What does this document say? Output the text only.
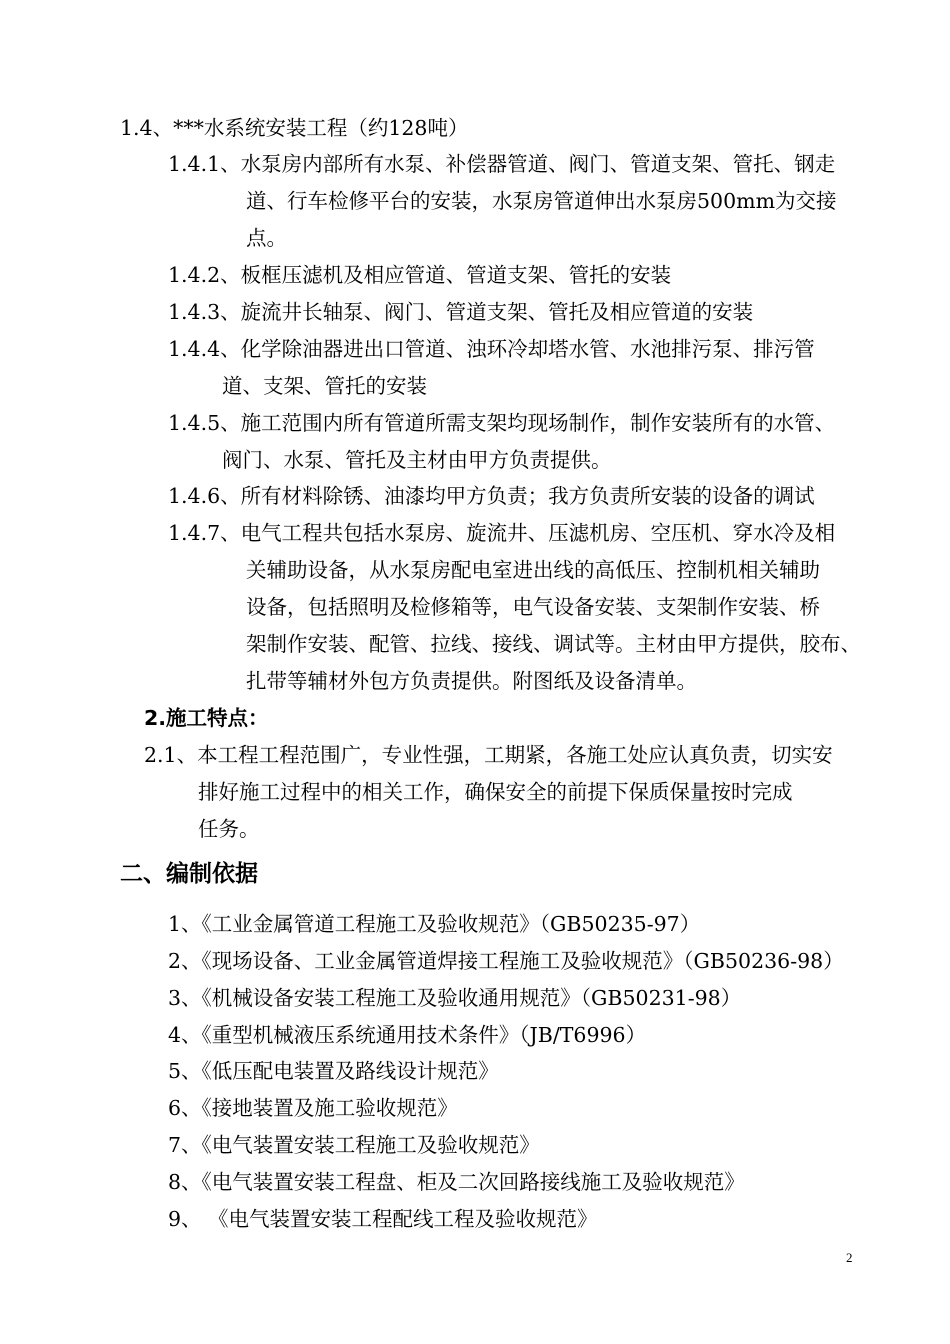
1.4、***水系统安装工程（约128吨）
1.4.1、水泵房内部所有水泵、补偿器管道、阀门、管道支架、管托、钢走
道、行车检修平台的安装，水泵房管道伸出水泵房500mm为交接
点。
1.4.2、板框压滤机及相应管道、管道支架、管托的安装
1.4.3、旋流井长轴泵、阀门、管道支架、管托及相应管道的安装
1.4.4、化学除油器进出口管道、浊环冷却塔水管、水池排污泵、排污管
道、支架、管托的安装
1.4.5、施工范围内所有管道所需支架均现场制作，制作安装所有的水管、
阀门、水泵、管托及主材由甲方负责提供。
1.4.6、所有材料除锈、油漆均甲方负责；我方负责所安装的设备的调试
1.4.7、电气工程共包括水泵房、旋流井、压滤机房、空压机、穿水冷及相
关辅助设备，从水泵房配电室进出线的高低压、控制机相关辅助
设备，包括照明及检修箱等，电气设备安装、支架制作安装、桥
架制作安装、配管、拉线、接线、调试等。主材由甲方提供，胶布、
扎带等辅材外包方负责提供。附图纸及设备清单。
2.施工特点：
2.1、本工程工程范围广，专业性强，工期紧，各施工处应认真负责，切实安
排好施工过程中的相关工作，确保安全的前提下保质保量按时完成
任务。
二、编制依据
1、《工业金属管道工程施工及验收规范》（GB50235-97）
2、《现场设备、工业金属管道焊接工程施工及验收规范》（GB50236-98）
3、《机械设备安装工程施工及验收通用规范》（GB50231-98）
4、《重型机械液压系统通用技术条件》（JB/T6996）
5、《低压配电装置及路线设计规范》
6、《接地装置及施工验收规范》
7、《电气装置安装工程施工及验收规范》
8、《电气装置安装工程盘、柜及二次回路接线施工及验收规范》
9、 《电气装置安装工程配线工程及验收规范》
2
